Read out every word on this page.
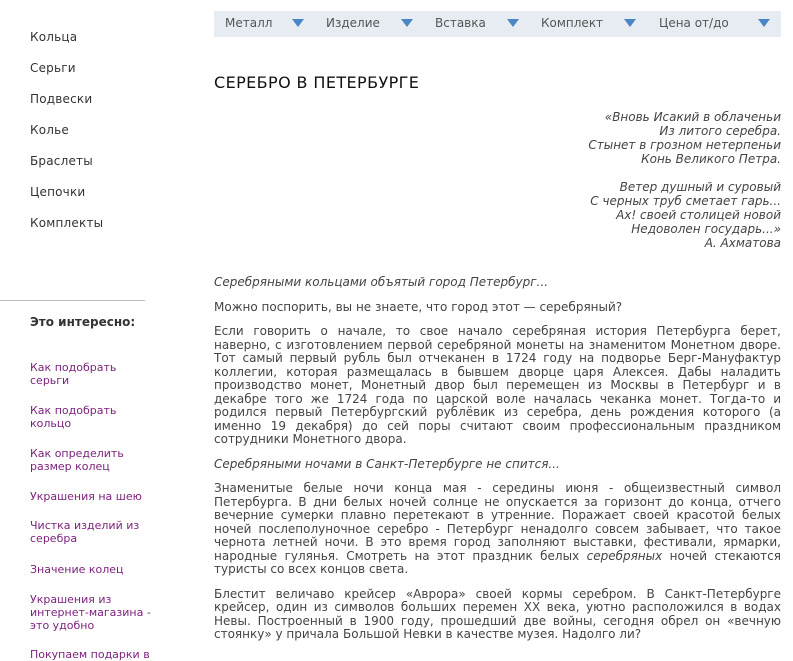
Кольца
Серьги
Подвески
Колье
Браслеты
Цепочки
Комплекты
Это интересно:
Как подобрать серьги
Как подобрать кольцо
Как определить размер колец
Украшения на шею
Чистка изделий из серебра
Значение колец
Украшения из интернет-магазина - это удобно
Покупаем подарки в
Металл	Изделие	Вставка	Комплект	Цена от/до
СЕРЕБРО В ПЕТЕРБУРГЕ
«Вновь Исакий в облаченьи
Из литого серебра.
Стынет в грозном нетерпеньи
Конь Великого Петра.
Ветер душный и суровый
С черных труб сметает гарь...
Ах! своей столицей новой
Недоволен государь...»
А. Ахматова

Серебряными кольцами объятый город Петербург...

Можно поспорить, вы не знаете, что город этот — серебряный?

Если говорить о начале, то свое начало серебряная история Петербурга берет, наверно, с изготовлением первой серебряной монеты на знаменитом Монетном дворе. Тот самый первый рубль был отчеканен в 1724 году на подворье Берг-Мануфактур коллегии, которая размещалась в бывшем дворце царя Алексея. Дабы наладить производство монет, Монетный двор был перемещен из Москвы в Петербург и в декабре того же 1724 года по царской воле началась чеканка монет. Тогда-то и родился первый Петербургский рублёвик из серебра, день рождения которого (а именно 19 декабря) до сей поры считают своим профессиональным праздником сотрудники Монетного двора.

Серебряными ночами в Санкт-Петербурге не спится...

Знаменитые белые ночи конца мая - середины июня - общеизвестный символ Петербурга. В дни белых ночей солнце не опускается за горизонт до конца, отчего вечерние сумерки плавно перетекают в утренние. Поражает своей красотой белых ночей послеполуночное серебро - Петербург ненадолго совсем забывает, что такое чернота летней ночи. В это время город заполняют выставки, фестивали, ярмарки, народные гулянья. Смотреть на этот праздник белых серебряных ночей стекаются туристы со всех концов света.

Блестит величаво крейсер «Аврора» своей кормы серебром. В Санкт-Петербурге крейсер, один из символов больших перемен XX века, уютно расположился в водах Невы. Построенный в 1900 году, прошедший две войны, сегодня обрел он «вечную стоянку» у причала Большой Невки в качестве музея. Надолго ли?
